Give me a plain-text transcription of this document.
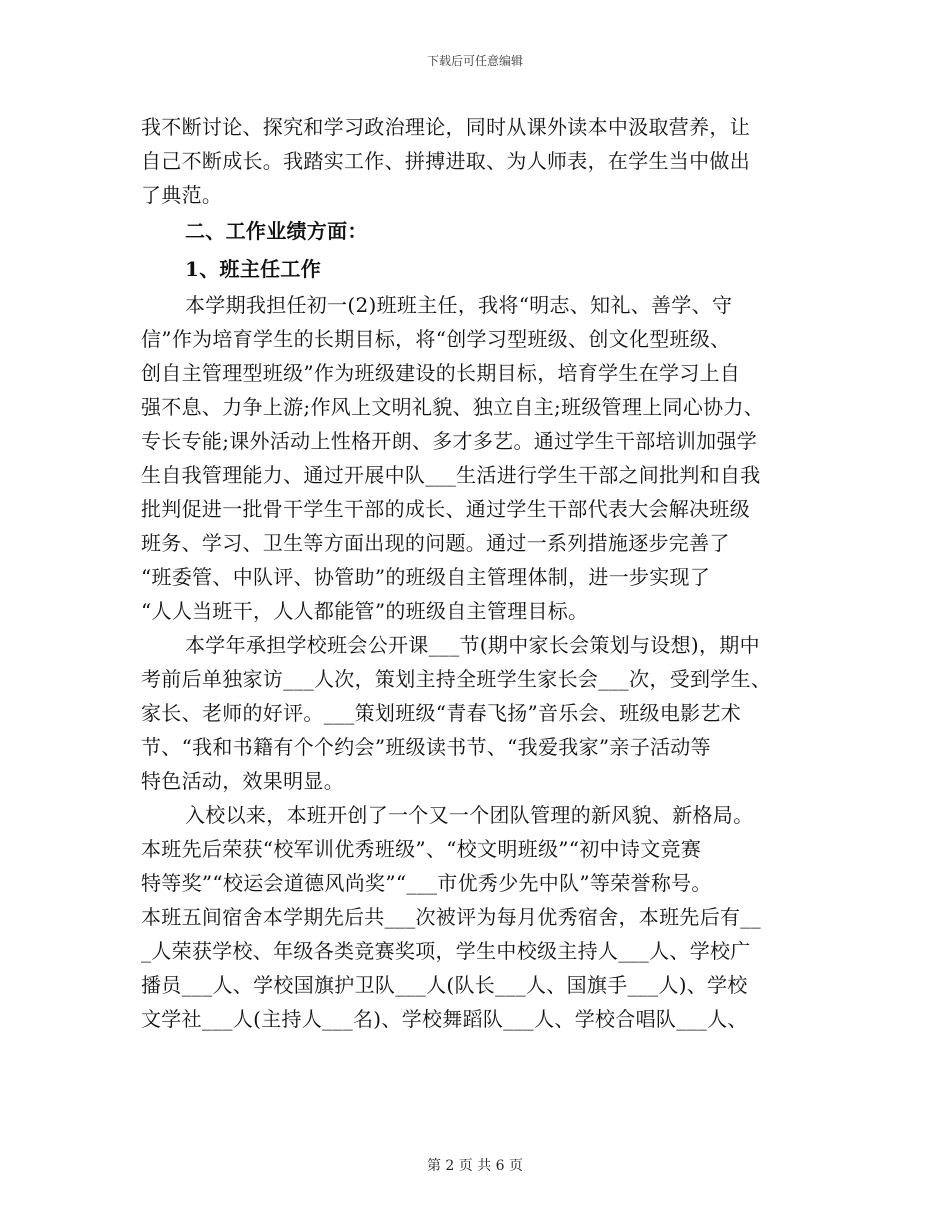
下载后可任意编辑
我不断讨论、探究和学习政治理论，同时从课外读本中汲取营养，让
自己不断成长。我踏实工作、拼搏进取、为人师表，在学生当中做出
了典范。
二、工作业绩方面：
1、班主任工作
本学期我担任初一(2)班班主任，我将“明志、知礼、善学、守
信”作为培育学生的长期目标，将“创学习型班级、创文化型班级、
创自主管理型班级”作为班级建设的长期目标，培育学生在学习上自
强不息、力争上游;作风上文明礼貌、独立自主;班级管理上同心协力、
专长专能;课外活动上性格开朗、多才多艺。通过学生干部培训加强学
生自我管理能力、通过开展中队___生活进行学生干部之间批判和自我
批判促进一批骨干学生干部的成长、通过学生干部代表大会解决班级
班务、学习、卫生等方面出现的问题。通过一系列措施逐步完善了
“班委管、中队评、协管助”的班级自主管理体制，进一步实现了
“人人当班干，人人都能管”的班级自主管理目标。
本学年承担学校班会公开课___节(期中家长会策划与设想)，期中
考前后单独家访___人次，策划主持全班学生家长会___次，受到学生、
家长、老师的好评。___策划班级“青春飞扬”音乐会、班级电影艺术
节、“我和书籍有个个约会”班级读书节、“我爱我家”亲子活动等
特色活动，效果明显。
入校以来，本班开创了一个又一个团队管理的新风貌、新格局。
本班先后荣获“校军训优秀班级”、“校文明班级”“初中诗文竞赛
特等奖”“校运会道德风尚奖”“___市优秀少先中队”等荣誉称号。
本班五间宿舍本学期先后共___次被评为每月优秀宿舍，本班先后有__
_人荣获学校、年级各类竞赛奖项，学生中校级主持人___人、学校广
播员___人、学校国旗护卫队___人(队长___人、国旗手___人)、学校
文学社___人(主持人___名)、学校舞蹈队___人、学校合唱队___人、
第 2 页 共 6 页
